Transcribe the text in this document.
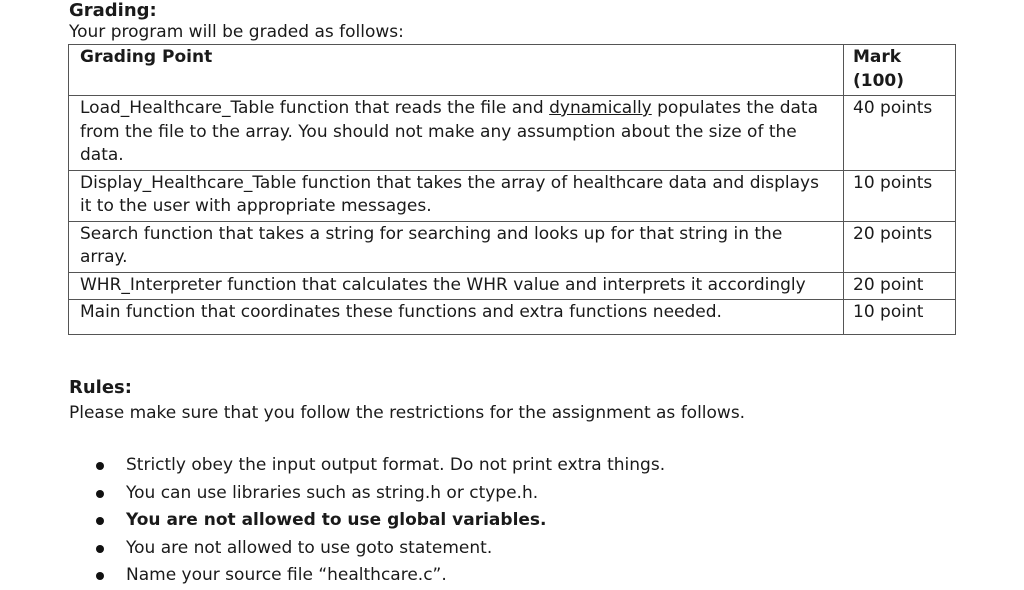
Grading:
Your program will be graded as follows:
Grading Point	Mark (100)
Load_Healthcare_Table function that reads the file and dynamically populates the data from the file to the array. You should not make any assumption about the size of the data.	40 points
Display_Healthcare_Table function that takes the array of healthcare data and displays it to the user with appropriate messages.	10 points
Search function that takes a string for searching and looks up for that string in the array.	20 points
WHR_Interpreter function that calculates the WHR value and interprets it accordingly	20 point
Main function that coordinates these functions and extra functions needed.	10 point
Rules:
Please make sure that you follow the restrictions for the assignment as follows.
Strictly obey the input output format. Do not print extra things.
You can use libraries such as string.h or ctype.h.
You are not allowed to use global variables.
You are not allowed to use goto statement.
Name your source file “healthcare.c”.
